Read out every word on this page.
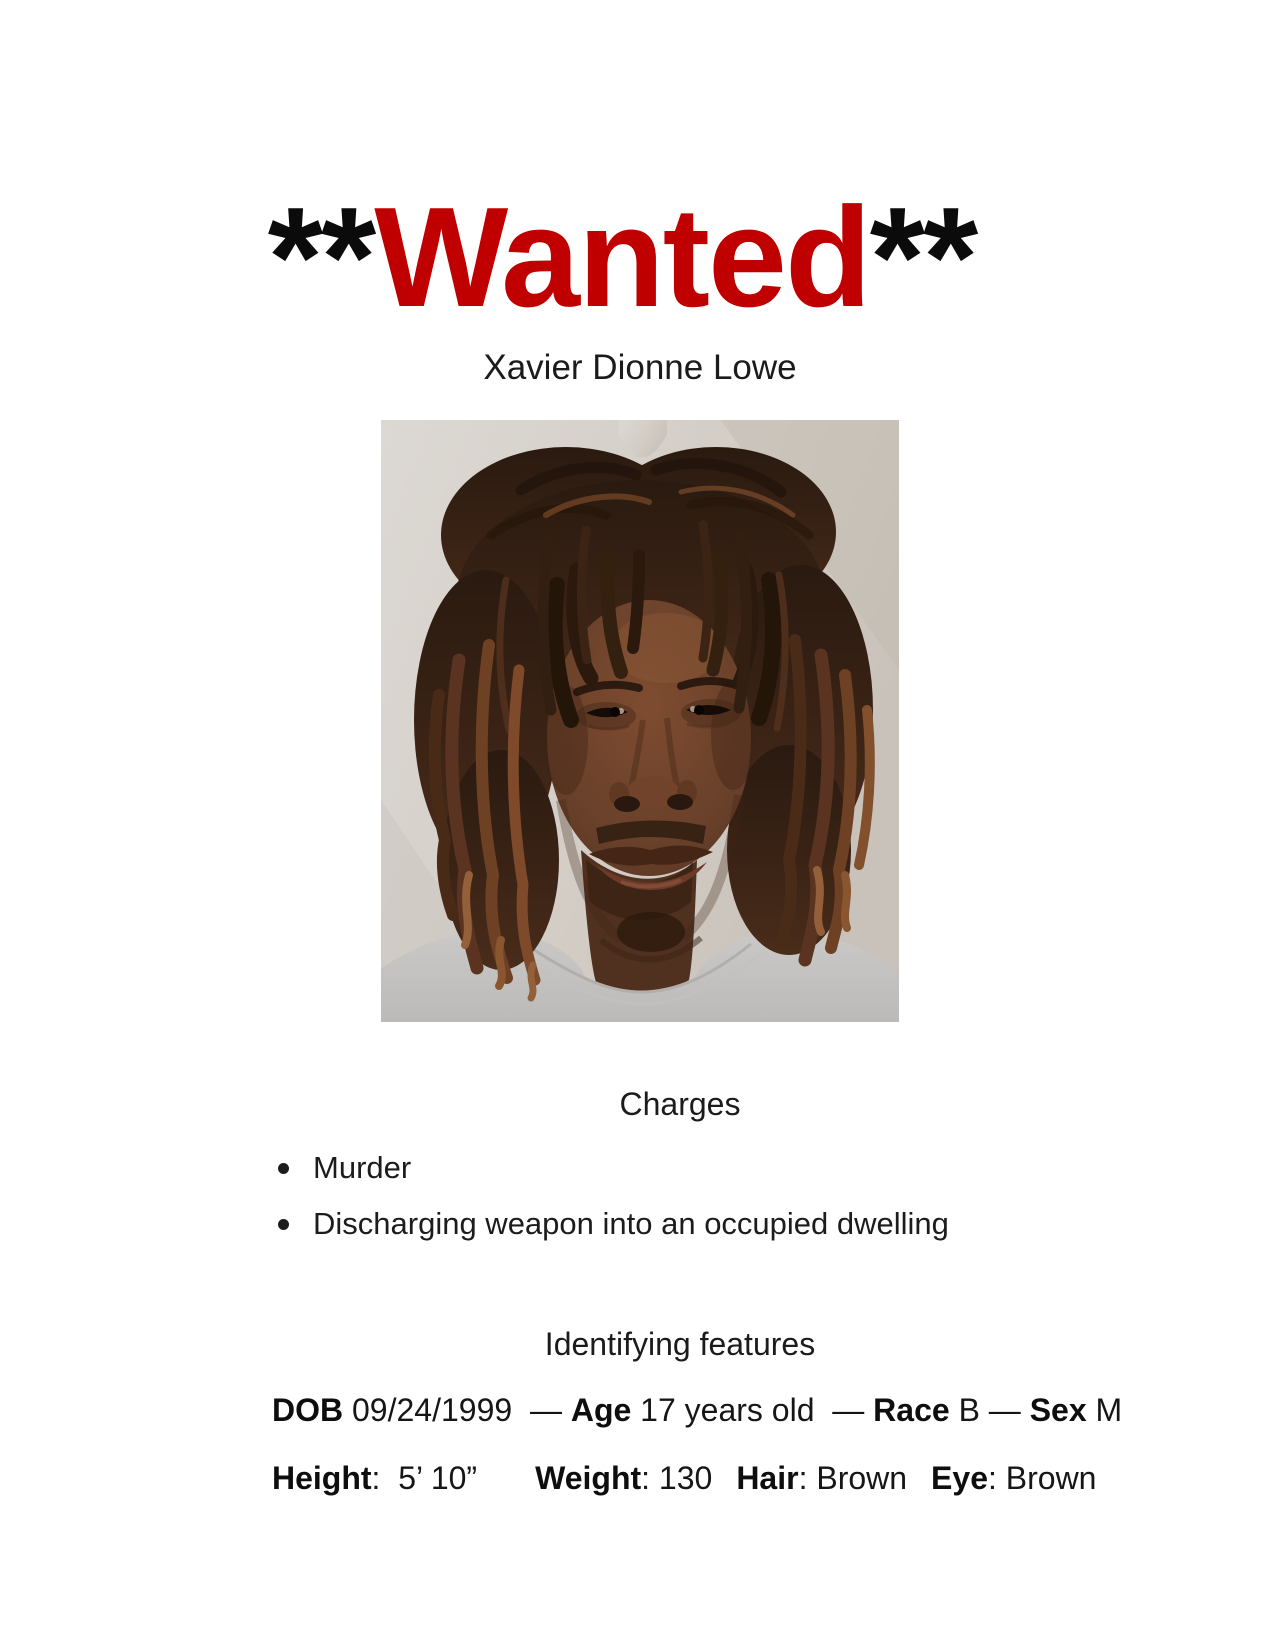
**Wanted**
Xavier Dionne Lowe
Charges
Murder
Discharging weapon into an occupied dwelling
Identifying features
DOB 09/24/1999  — Age 17 years old  — Race B — Sex M
Height:  5’ 10” Weight: 130 Hair: Brown Eye: Brown
